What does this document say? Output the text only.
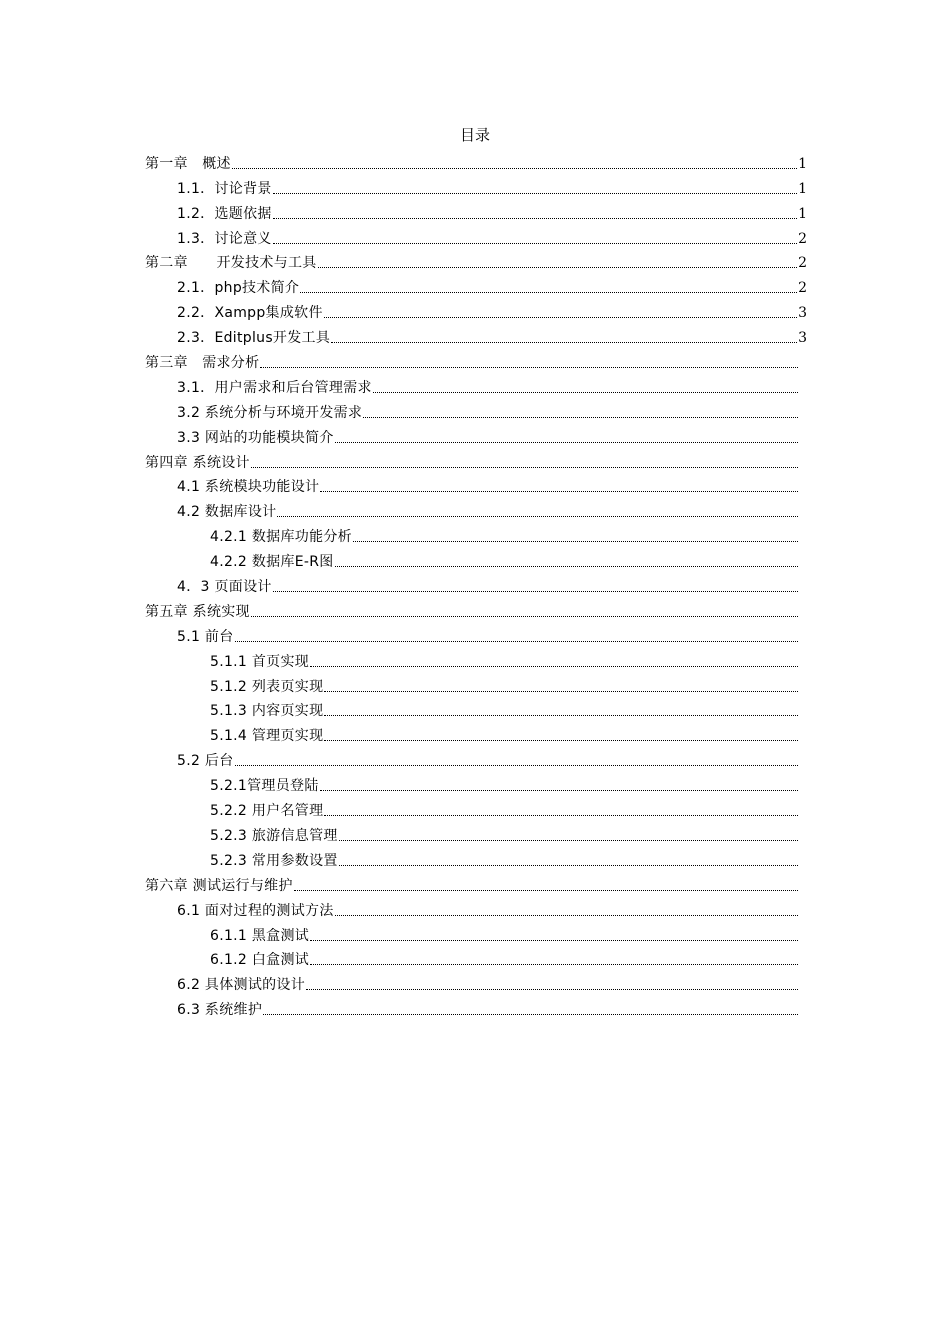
目录
第一章　概述	1
1.1．讨论背景	1
1.2．选题依据	1
1.3．讨论意义	2
第二章　　开发技术与工具	2
2.1．php技术简介	2
2.2．Xampp集成软件	3
2.3．Editplus开发工具	3
第三章　需求分析
3.1．用户需求和后台管理需求
3.2 系统分析与环境开发需求
3.3 网站的功能模块简介
第四章 系统设计
4.1 系统模块功能设计
4.2 数据库设计
4.2.1 数据库功能分析
4.2.2 数据库E-R图
4．3 页面设计
第五章 系统实现
5.1 前台
5.1.1 首页实现
5.1.2 列表页实现
5.1.3 内容页实现
5.1.4 管理页实现
5.2 后台
5.2.1管理员登陆
5.2.2 用户名管理
5.2.3 旅游信息管理
5.2.3 常用参数设置
第六章 测试运行与维护
6.1 面对过程的测试方法
6.1.1 黑盒测试
6.1.2 白盒测试
6.2 具体测试的设计
6.3 系统维护
